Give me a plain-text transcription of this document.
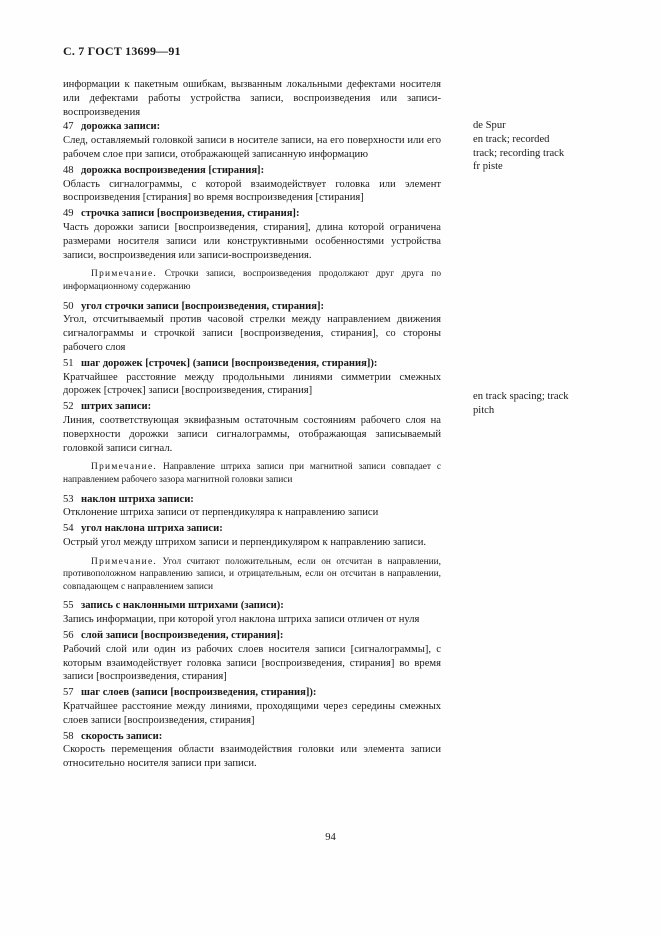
С. 7 ГОСТ 13699—91

информации к пакетным ошибкам, вызванным локальными дефектами носителя или дефектами работы устройства записи, воспроизведения или записи-воспроизведения

47 дорожка записи:

След, оставляемый головкой записи в носителе записи, на его поверхности или его рабочем слое при записи, отображающей записанную информацию

48 дорожка воспроизведения [стирания]:

Область сигналограммы, с которой взаимодействует головка или элемент воспроизведения [стирания] во время воспроизведения [стирания]

49 строчка записи [воспроизведения, стирания]:

Часть дорожки записи [воспроизведения, стирания], длина которой ограничена размерами носителя записи или конструктивными особенностями устройства записи, воспроизведения или записи-воспроизведения.

Примечание. Строчки записи, воспроизведения продолжают друг друга по информационному содержанию

50 угол строчки записи [воспроизведения, стирания]:

Угол, отсчитываемый против часовой стрелки между направлением движения сигналограммы и строчкой записи [воспроизведения, стирания], со стороны рабочего слоя

51 шаг дорожек [строчек] (записи [воспроизведения, стирания]):

Кратчайшее расстояние между продольными линиями симметрии смежных дорожек [строчек] записи [воспроизведения, стирания]

52 штрих записи:

Линия, соответствующая эквифазным остаточным состояниям рабочего слоя на поверхности дорожки записи сигналограммы, отображающая записываемый головкой записи сигнал.

Примечание. Направление штриха записи при магнитной записи совпадает с направлением рабочего зазора магнитной головки записи

53 наклон штриха записи:

Отклонение штриха записи от перпендикуляра к направлению записи

54 угол наклона штриха записи:

Острый угол между штрихом записи и перпендикуляром к направлению записи.

Примечание. Угол считают положительным, если он отсчитан в направлении, противоположном направлению записи, и отрицательным, если он отсчитан в направлении, совпадающем с направлением записи

55 запись с наклонными штрихами (записи):

Запись информации, при которой угол наклона штриха записи отличен от нуля

56 слой записи [воспроизведения, стирания]:

Рабочий слой или один из рабочих слоев носителя записи [сигналограммы], с которым взаимодействует головка записи [воспроизведения, стирания] во время записи [воспроизведения, стирания]

57 шаг слоев (записи [воспроизведения, стирания]):

Кратчайшее расстояние между линиями, проходящими через середины смежных слоев записи [воспроизведения, стирания]

58 скорость записи:

Скорость перемещения области взаимодействия головки или элемента записи относительно носителя записи при записи.

de Spur
en track; recorded
track; recording track
fr piste
en track spacing; track
pitch
94
